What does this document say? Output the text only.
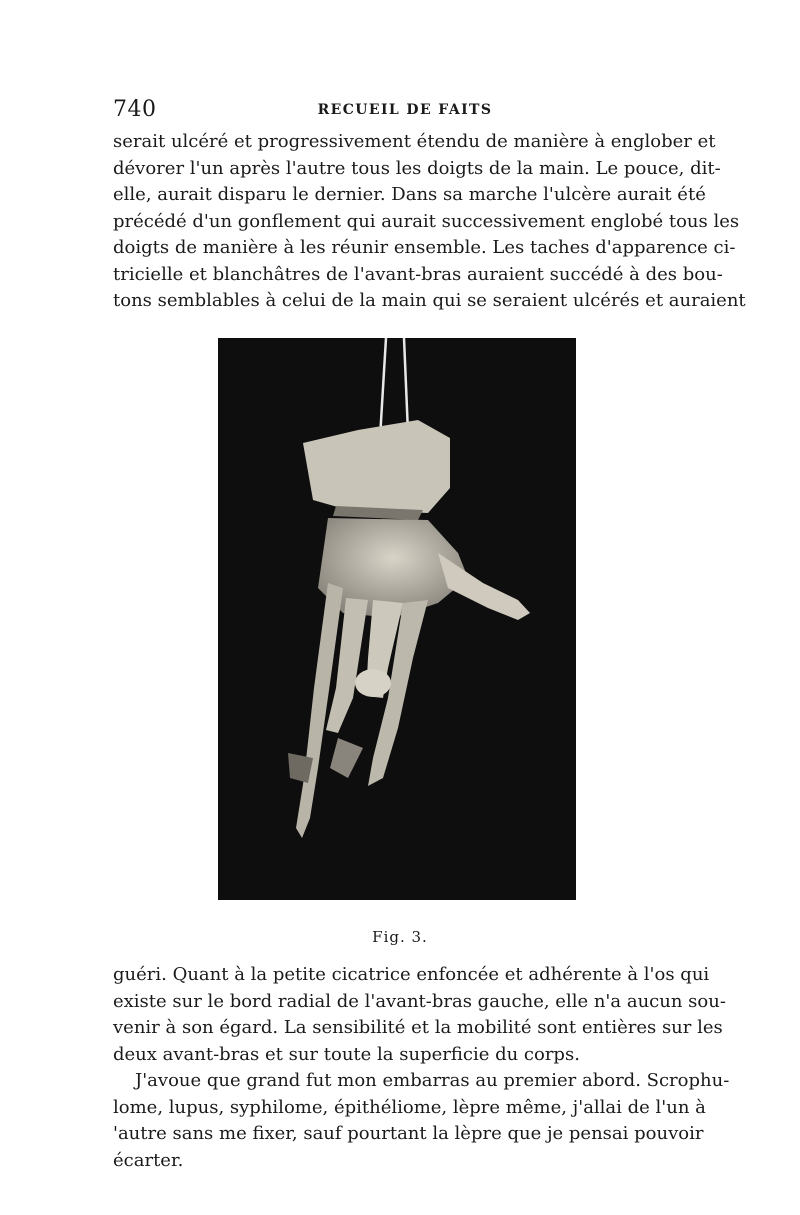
740	RECUEIL DE FAITS

serait ulcéré et progressivement étendu de manière à englober et
dévorer l'un après l'autre tous les doigts de la main. Le pouce, dit-
elle, aurait disparu le dernier. Dans sa marche l'ulcère aurait été
précédé d'un gonflement qui aurait successivement englobé tous les
doigts de manière à les réunir ensemble. Les taches d'apparence ci-
tricielle et blanchâtres de l'avant-bras auraient succédé à des bou-
tons semblables à celui de la main qui se seraient ulcérés et auraient

Fig. 3.

guéri. Quant à la petite cicatrice enfoncée et adhérente à l'os qui
existe sur le bord radial de l'avant-bras gauche, elle n'a aucun sou-
venir à son égard. La sensibilité et la mobilité sont entières sur les
deux avant-bras et sur toute la superficie du corps.

J'avoue que grand fut mon embarras au premier abord. Scrophu-
lome, lupus, syphilome, épithéliome, lèpre même, j'allai de l'un à
'autre sans me fixer, sauf pourtant la lèpre que je pensai pouvoir
écarter.
